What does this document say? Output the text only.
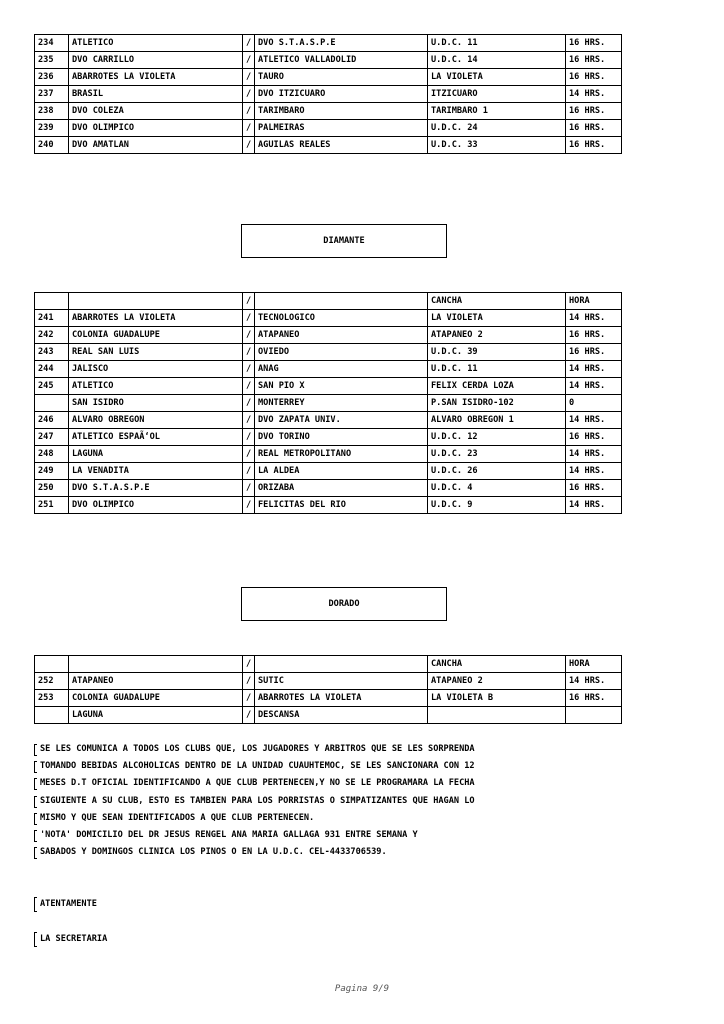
234	ATLETICO	/	DVO S.T.A.S.P.E	U.D.C. 11	16 HRS.
235	DVO CARRILLO	/	ATLETICO VALLADOLID	U.D.C. 14	16 HRS.
236	ABARROTES LA VIOLETA	/	TAURO	LA VIOLETA	16 HRS.
237	BRASIL	/	DVO ITZICUARO	ITZICUARO	14 HRS.
238	DVO COLEZA	/	TARIMBARO	TARIMBARO 1	16 HRS.
239	DVO OLIMPICO	/	PALMEIRAS	U.D.C. 24	16 HRS.
240	DVO AMATLAN	/	AGUILAS REALES	U.D.C. 33	16 HRS.
DIAMANTE
		/		CANCHA	HORA
241	ABARROTES LA VIOLETA	/	TECNOLOGICO	LA VIOLETA	14 HRS.
242	COLONIA GUADALUPE	/	ATAPANEO	ATAPANEO 2	16 HRS.
243	REAL SAN LUIS	/	OVIEDO	U.D.C. 39	16 HRS.
244	JALISCO	/	ANAG	U.D.C. 11	14 HRS.
245	ATLETICO	/	SAN PIO X	FELIX CERDA LOZA	14 HRS.
	SAN ISIDRO	/	MONTERREY	P.SAN ISIDRO-102	0
246	ALVARO OBREGON	/	DVO ZAPATA UNIV.	ALVARO OBREGON 1	14 HRS.
247	ATLETICO ESPAÃ‘OL	/	DVO TORINO	U.D.C. 12	16 HRS.
248	LAGUNA	/	REAL METROPOLITANO	U.D.C. 23	14 HRS.
249	LA VENADITA	/	LA ALDEA	U.D.C. 26	14 HRS.
250	DVO S.T.A.S.P.E	/	ORIZABA	U.D.C. 4	16 HRS.
251	DVO OLIMPICO	/	FELICITAS DEL RIO	U.D.C. 9	14 HRS.
DORADO
		/		CANCHA	HORA
252	ATAPANEO	/	SUTIC	ATAPANEO 2	14 HRS.
253	COLONIA GUADALUPE	/	ABARROTES LA VIOLETA	LA VIOLETA B	16 HRS.
	LAGUNA	/	DESCANSA		
SE LES COMUNICA A TODOS LOS CLUBS QUE, LOS JUGADORES Y ARBITROS QUE SE LES SORPRENDA
TOMANDO BEBIDAS ALCOHOLICAS DENTRO DE LA UNIDAD CUAUHTEMOC, SE LES SANCIONARA CON 12
MESES D.T OFICIAL IDENTIFICANDO A QUE CLUB PERTENECEN,Y NO SE LE PROGRAMARA LA FECHA
SIGUIENTE A SU CLUB, ESTO ES TAMBIEN PARA LOS PORRISTAS O SIMPATIZANTES QUE HAGAN LO
MISMO Y QUE SEAN IDENTIFICADOS A QUE CLUB PERTENECEN.
'NOTA' DOMICILIO DEL DR JESUS RENGEL ANA MARIA GALLAGA 931 ENTRE SEMANA Y
SABADOS Y DOMINGOS CLINICA LOS PINOS O EN LA U.D.C. CEL-4433706539.
ATENTAMENTE
LA SECRETARIA
Pagina 9/9
